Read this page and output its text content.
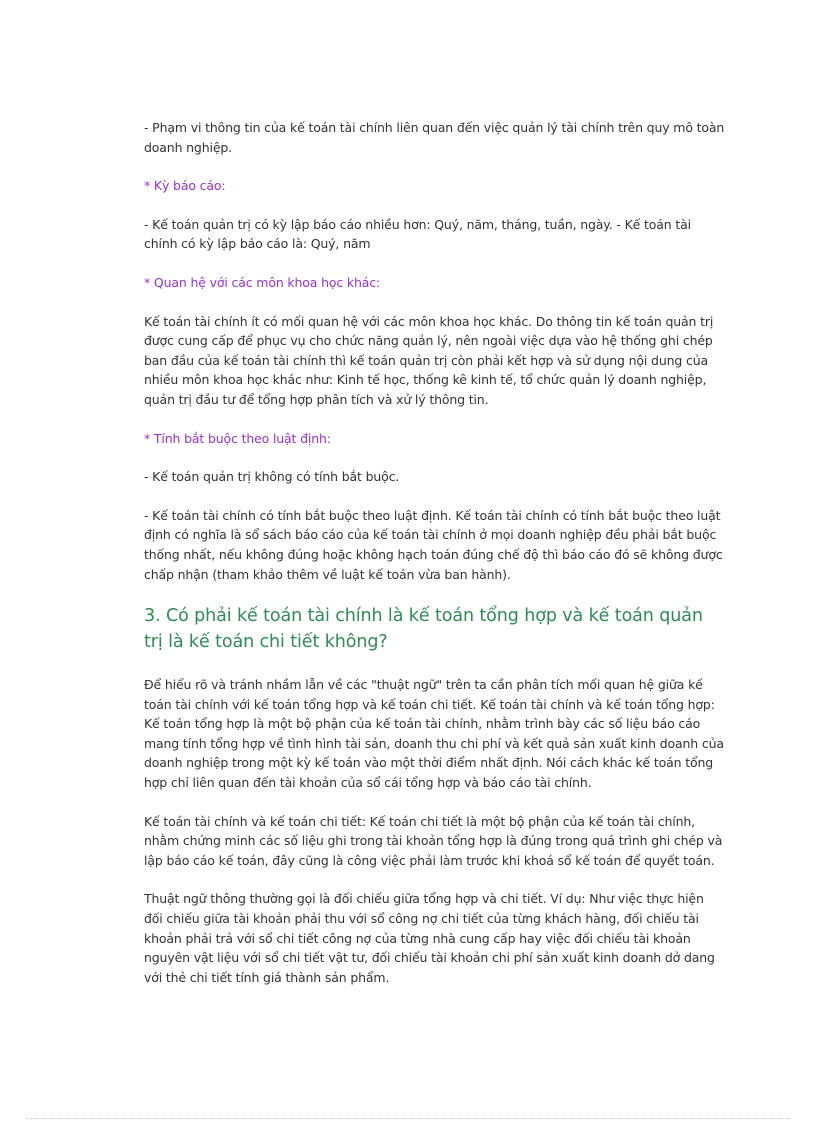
- Phạm vi thông tin của kế toán tài chính liên quan đến việc quản lý tài chính trên quy mô toàn doanh nghiệp.

* Kỳ báo cáo:

- Kế toán quản trị có kỳ lập báo cáo nhiều hơn: Quý, năm, tháng, tuần, ngày. - Kế toán tài chính có kỳ lập báo cáo là: Quý, năm

* Quan hệ với các môn khoa học khác:

Kế toán tài chính ít có mối quan hệ với các môn khoa học khác. Do thông tin kế toán quản trị được cung cấp để phục vụ cho chức năng quản lý, nên ngoài việc dựa vào hệ thống ghi chép ban đầu của kế toán tài chính thì kế toán quản trị còn phải kết hợp và sử dụng nội dung của nhiều môn khoa học khác như: Kinh tế học, thống kê kinh tế, tổ chức quản lý doanh nghiệp, quản trị đầu tư để tổng hợp phân tích và xử lý thông tin.

* Tính bắt buộc theo luật định:

- Kế toán quản trị không có tính bắt buộc.

- Kế toán tài chính có tính bắt buộc theo luật định. Kế toán tài chính có tính bắt buộc theo luật định có nghĩa là sổ sách báo cáo của kế toán tài chính ở mọi doanh nghiệp đều phải bắt buộc thống nhất, nếu không đúng hoặc không hạch toán đúng chế độ thì báo cáo đó sẽ không được chấp nhận (tham khảo thêm về luật kế toán vừa ban hành).

3. Có phải kế toán tài chính là kế toán tổng hợp và kế toán quản trị là kế toán chi tiết không?

Để hiểu rõ và tránh nhầm lẫn về các "thuật ngữ" trên ta cần phân tích mối quan hệ giữa kế toán tài chính với kế toán tổng hợp và kế toán chi tiết. Kế toán tài chính và kế toán tổng hợp: Kế toán tổng hợp là một bộ phận của kế toán tài chính, nhằm trình bày các số liệu báo cáo mang tính tổng hợp về tình hình tài sản, doanh thu chi phí và kết quả sản xuất kinh doanh của doanh nghiệp trong một kỳ kế toán vào một thời điểm nhất định. Nói cách khác kế toán tổng hợp chỉ liên quan đến tài khoản của sổ cái tổng hợp và báo cáo tài chính.

Kế toán tài chính và kế toán chi tiết: Kế toán chi tiết là một bộ phận của kế toán tài chính, nhằm chứng minh các số liệu ghi trong tài khoản tổng hợp là đúng trong quá trình ghi chép và lập báo cáo kế toán, đây cũng là công việc phải làm trước khi khoá sổ kế toán để quyết toán.

Thuật ngữ thông thường gọi là đối chiếu giữa tổng hợp và chi tiết. Ví dụ: Như việc thực hiện đối chiếu giữa tài khoản phải thu với sổ công nợ chi tiết của từng khách hàng, đối chiếu tài khoản phải trả với sổ chi tiết công nợ của từng nhà cung cấp hay việc đối chiếu tài khoản nguyên vật liệu với sổ chi tiết vật tư, đối chiếu tài khoản chi phí sản xuất kinh doanh dở dang với thẻ chi tiết tính giá thành sản phẩm.
